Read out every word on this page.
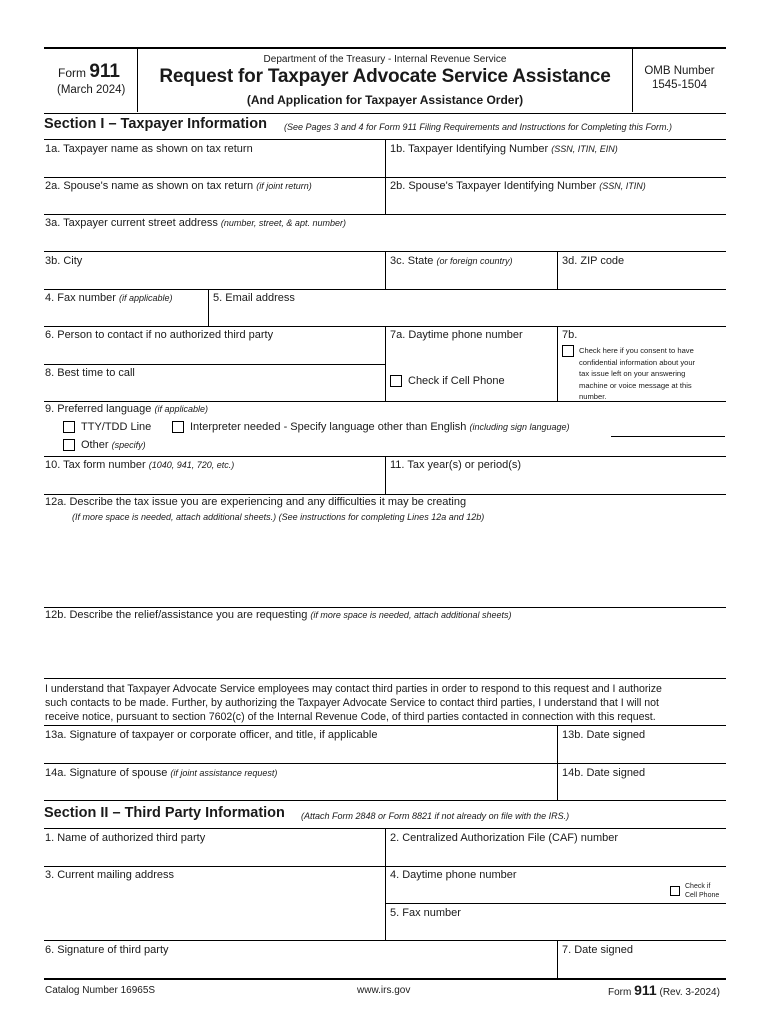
Form 911
(March 2024)
Department of the Treasury - Internal Revenue Service
Request for Taxpayer Advocate Service Assistance
(And Application for Taxpayer Assistance Order)
OMB Number
1545-1504
Section I – Taxpayer Information (See Pages 3 and 4 for Form 911 Filing Requirements and Instructions for Completing this Form.)
1a. Taxpayer name as shown on tax return	1b. Taxpayer Identifying Number (SSN, ITIN, EIN)
2a. Spouse's name as shown on tax return (if joint return)	2b. Spouse's Taxpayer Identifying Number (SSN, ITIN)
3a. Taxpayer current street address (number, street, & apt. number)
3b. City	3c. State (or foreign country)	3d. ZIP code
4. Fax number (if applicable)	5. Email address
6. Person to contact if no authorized third party	7a. Daytime phone number	7b.
Check here if you consent to have
confidential information about your
tax issue left on your answering
machine or voice message at this
number.
8. Best time to call
Check if Cell Phone
9. Preferred language (if applicable)
TTY/TDD Line	Interpreter needed - Specify language other than English (including sign language)
Other (specify)
10. Tax form number (1040, 941, 720, etc.)	11. Tax year(s) or period(s)
12a. Describe the tax issue you are experiencing and any difficulties it may be creating
(If more space is needed, attach additional sheets.) (See instructions for completing Lines 12a and 12b)
12b. Describe the relief/assistance you are requesting (if more space is needed, attach additional sheets)
I understand that Taxpayer Advocate Service employees may contact third parties in order to respond to this request and I authorize
such contacts to be made. Further, by authorizing the Taxpayer Advocate Service to contact third parties, I understand that I will not
receive notice, pursuant to section 7602(c) of the Internal Revenue Code, of third parties contacted in connection with this request.
13a. Signature of taxpayer or corporate officer, and title, if applicable	13b. Date signed
14a. Signature of spouse (if joint assistance request)	14b. Date signed
Section II – Third Party Information (Attach Form 2848 or Form 8821 if not already on file with the IRS.)
1. Name of authorized third party	2. Centralized Authorization File (CAF) number
3. Current mailing address	4. Daytime phone number
Check if
Cell Phone
5. Fax number
6. Signature of third party	7. Date signed
Catalog Number 16965S	www.irs.gov	Form 911 (Rev. 3-2024)
